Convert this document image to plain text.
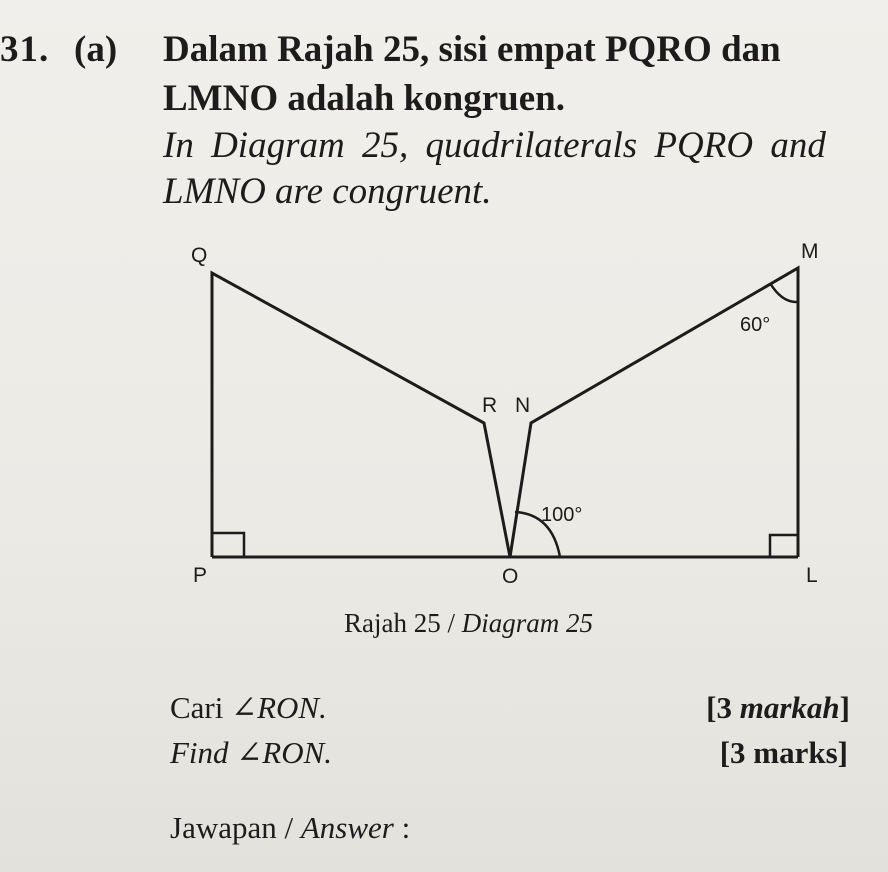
31. (a) Dalam Rajah 25, sisi empat PQRO dan
LMNO adalah kongruen.
In Diagram 25, quadrilaterals PQRO and
LMNO are congruent.
Q	M
R N
P	O	L
60°
100°
Rajah 25 / Diagram 25
Cari ∠RON.
Find ∠RON.
[3 markah]
[3 marks]
Jawapan / Answer :
